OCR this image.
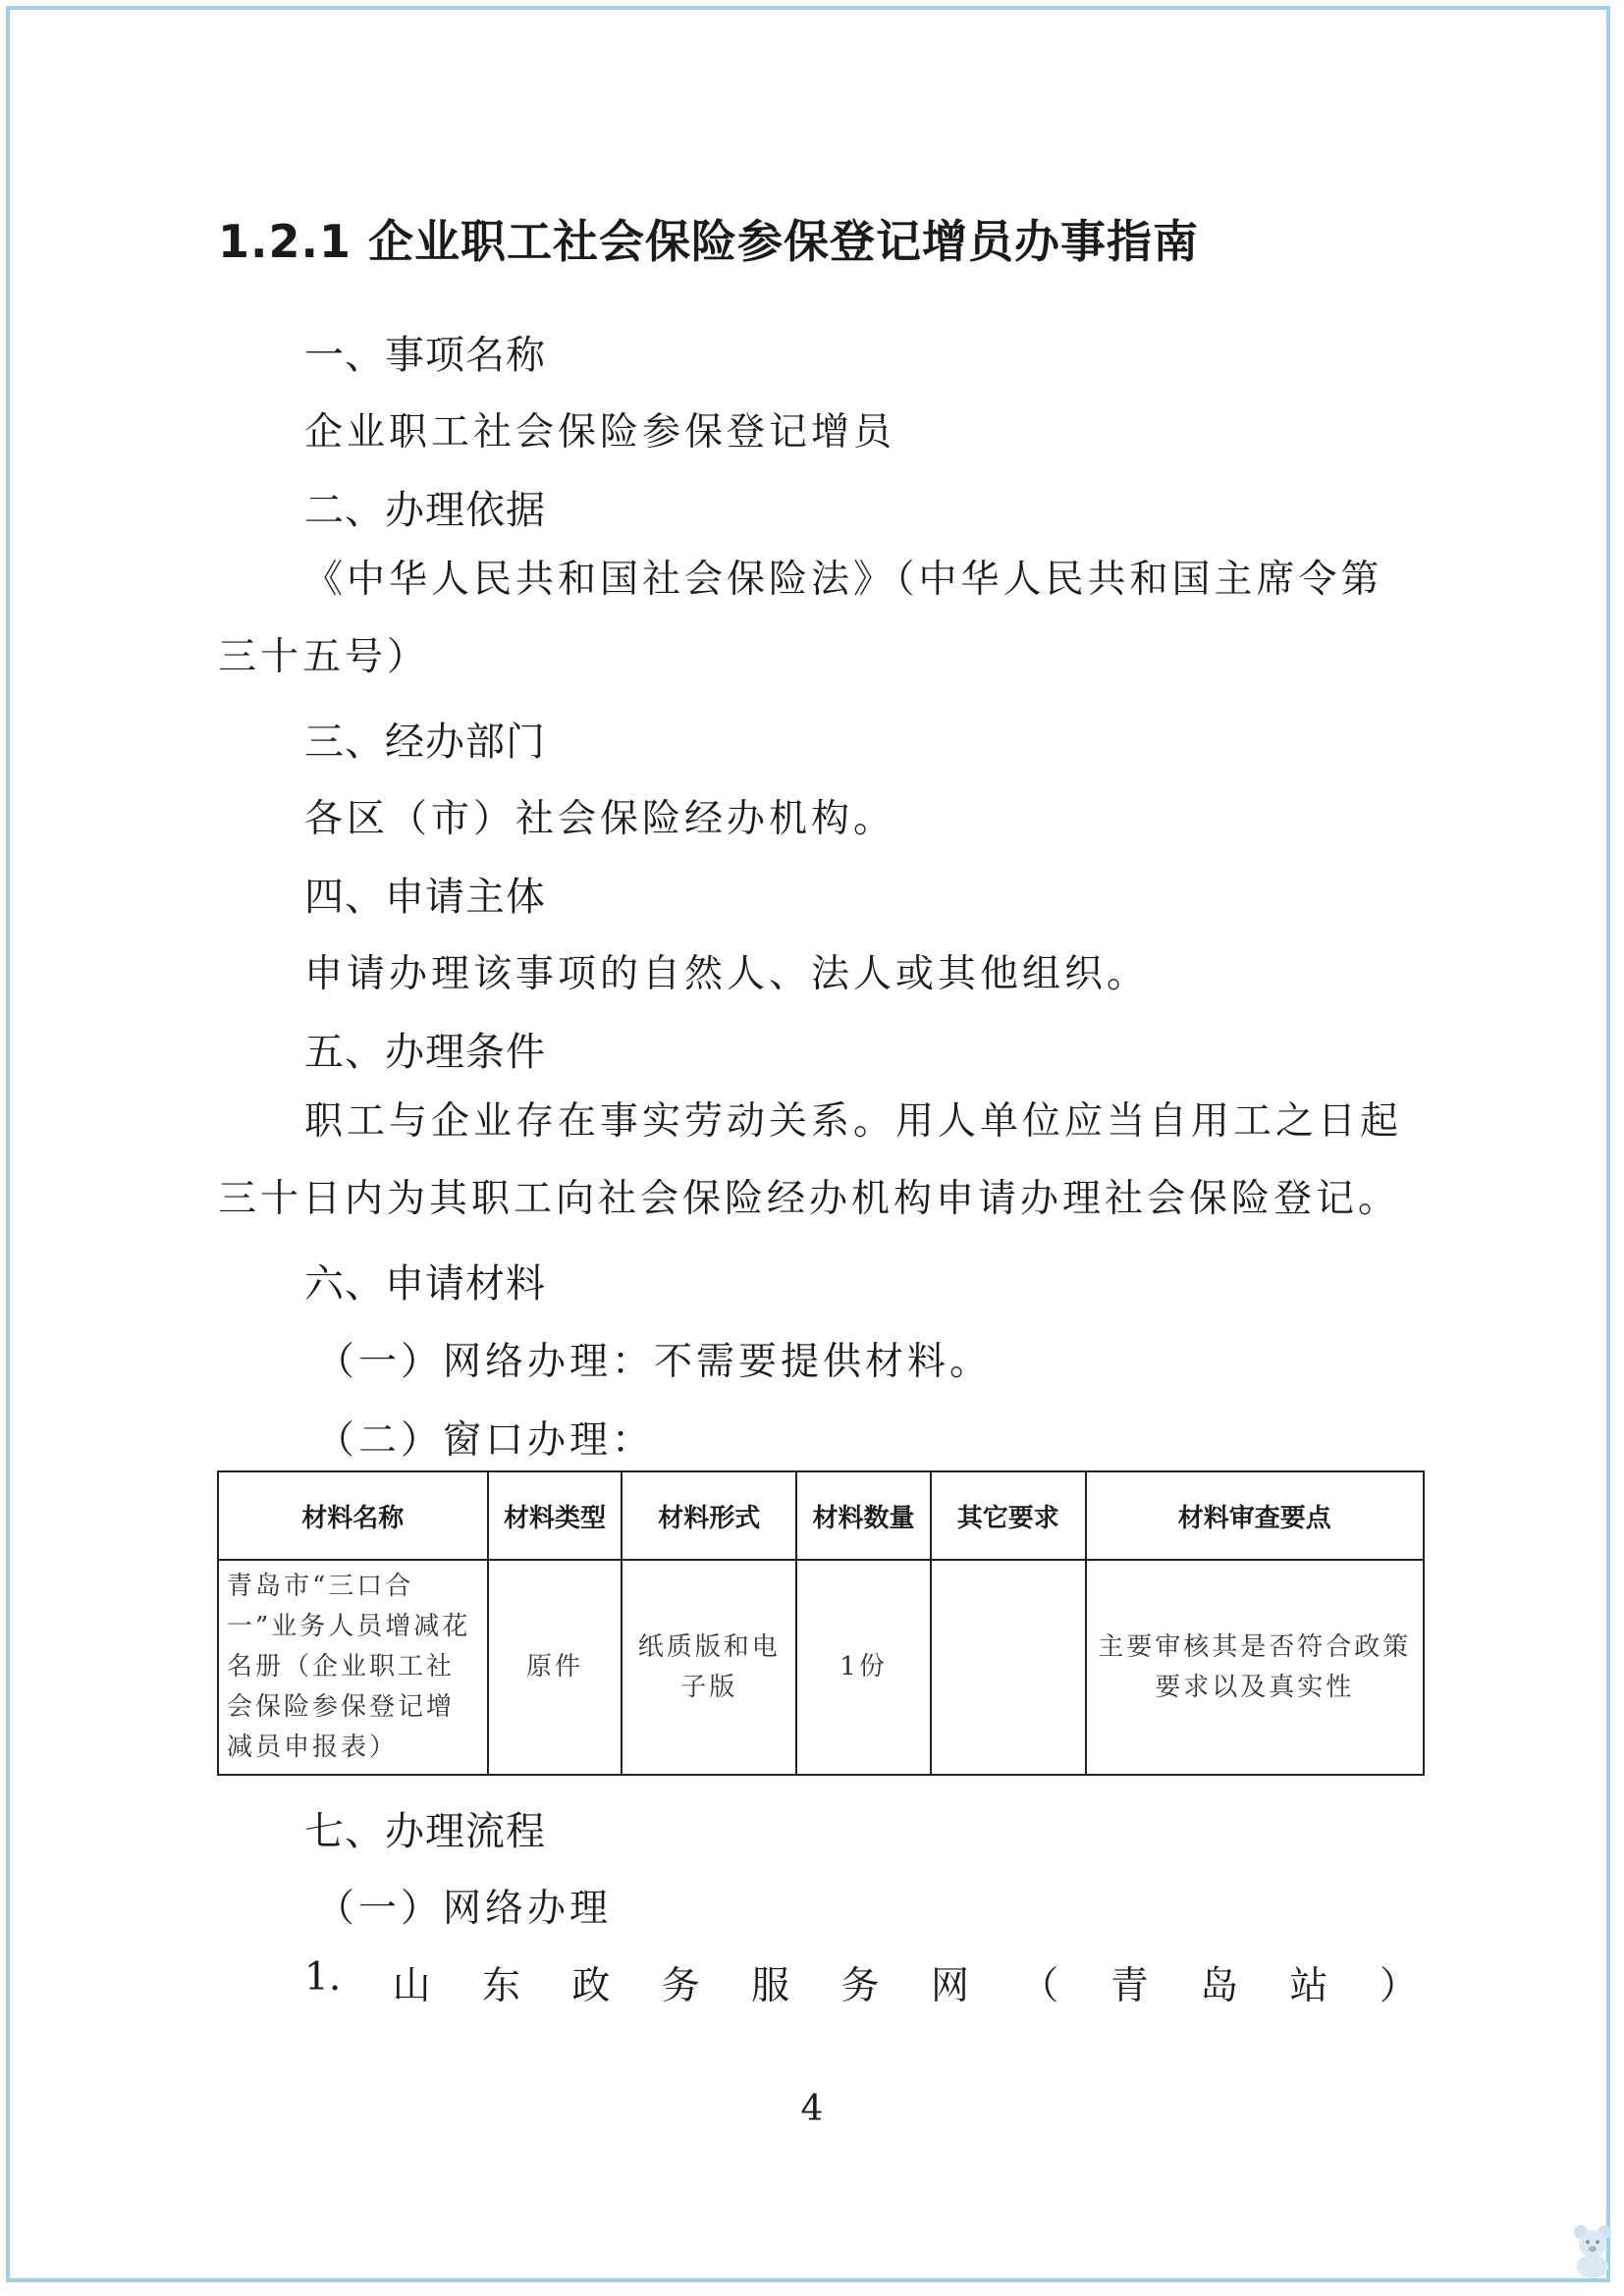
1.2.1 企业职工社会保险参保登记增员办事指南
一、事项名称
企业职工社会保险参保登记增员
二、办理依据

《中华人民共和国社会保险法》（中华人民共和国主席令第三十五号）

三、经办部门
各区（市）社会保险经办机构。
四、申请主体
申请办理该事项的自然人、法人或其他组织。
五、办理条件

职工与企业存在事实劳动关系。用人单位应当自用工之日起三十日内为其职工向社会保险经办机构申请办理社会保险登记。

六、申请材料
（一）网络办理：不需要提供材料。
（二）窗口办理：
材料名称	材料类型	材料形式	材料数量	其它要求	材料审查要点
青岛市“三口合一”业务人员增减花名册（企业职工社会保险参保登记增减员申报表）	原件	纸质版和电子版	1份		主要审核其是否符合政策要求以及真实性
七、办理流程
（一）网络办理
1. 山 东 政 务 服 务 网 （ 青 岛 站 ）
4
